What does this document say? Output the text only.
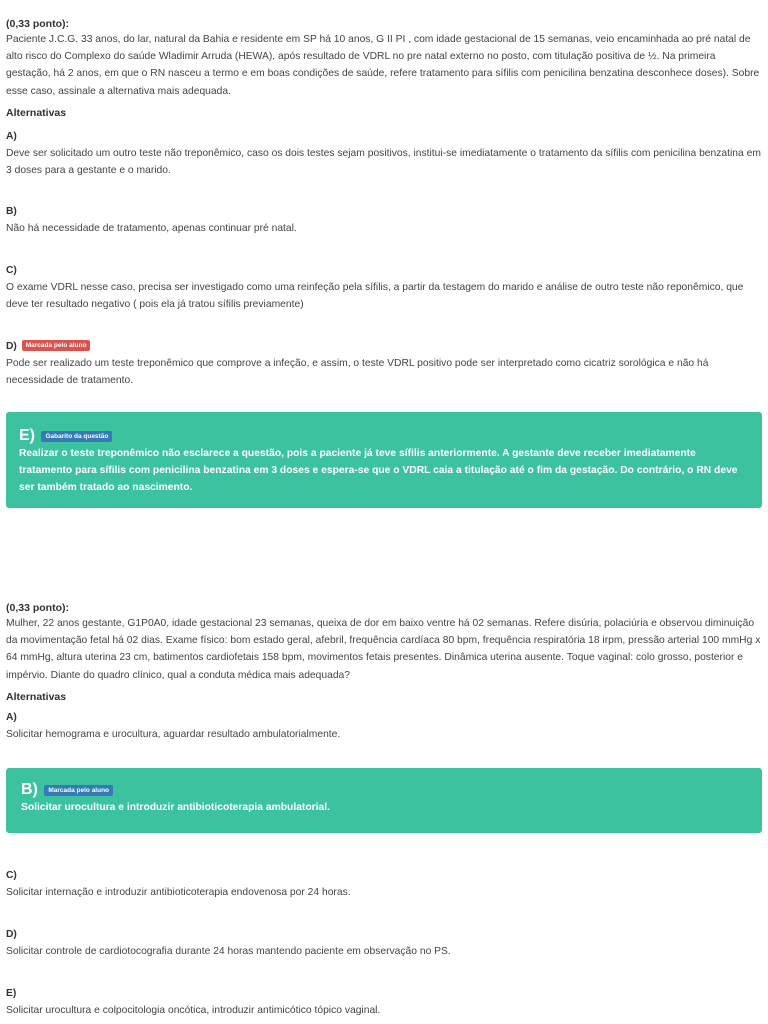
(0,33 ponto):
Paciente J.C.G. 33 anos, do lar, natural da Bahia e residente em SP há 10 anos, G II PI , com idade gestacional de 15 semanas, veio encaminhada ao pré natal de alto risco do Complexo do saúde Wladimir Arruda (HEWA), após resultado de VDRL no pre natal externo no posto, com titulação positiva de ½. Na primeira gestação, há 2 anos, em que o RN nasceu a termo e em boas condições de saúde, refere tratamento para sífilis com penicilina benzatina desconhece doses). Sobre esse caso, assinale a alternativa mais adequada.
Alternativas
A)
Deve ser solicitado um outro teste não treponêmico, caso os dois testes sejam positivos, institui-se imediatamente o tratamento da sífilis com penicilina benzatina em 3 doses para a gestante e o marido.
B)
Não há necessidade de tratamento, apenas continuar pré natal.
C)
O exame VDRL nesse caso, precisa ser investigado como uma reinfeção pela sífilis, a partir da testagem do marido e análise de outro teste não reponêmico, que deve ter resultado negativo ( pois ela já tratou sífilis previamente)
D) Marcada pelo aluno
Pode ser realizado um teste treponêmico que comprove a infeção, e assim, o teste VDRL positivo pode ser interpretado como cicatriz sorológica e não há necessidade de tratamento.
E) Gabarito da questão
Realizar o teste treponêmico não esclarece a questão, pois a paciente já teve sífilis anteriormente. A gestante deve receber imediatamente tratamento para sífilis com penicilina benzatina em 3 doses e espera-se que o VDRL caia a titulação até o fim da gestação. Do contrário, o RN deve ser também tratado ao nascimento.
(0,33 ponto):
Mulher, 22 anos gestante, G1P0A0, idade gestacional 23 semanas, queixa de dor em baixo ventre há 02 semanas. Refere disúria, polaciúria e observou diminuição da movimentação fetal há 02 dias. Exame físico: bom estado geral, afebril, frequência cardíaca 80 bpm, frequência respiratória 18 irpm, pressão arterial 100 mmHg x 64 mmHg, altura uterina 23 cm, batimentos cardiofetais 158 bpm, movimentos fetais presentes. Dinâmica uterina ausente. Toque vaginal: colo grosso, posterior e impérvio. Diante do quadro clínico, qual a conduta médica mais adequada?
Alternativas
A)
Solicitar hemograma e urocultura, aguardar resultado ambulatorialmente.
B) Marcada pelo aluno
Solicitar urocultura e introduzir antibioticoterapia ambulatorial.
C)
Solicitar internação e introduzir antibioticoterapia endovenosa por 24 horas.
D)
Solicitar controle de cardiotocografia durante 24 horas mantendo paciente em observação no PS.
E)
Solicitar urocultura e colpocitologia oncótica, introduzir antimicótico tópico vaginal.
